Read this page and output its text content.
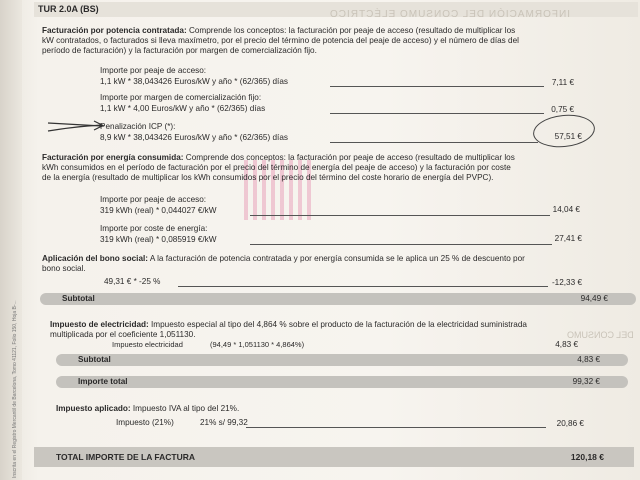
Inscrita en el Registro Mercantil de Barcelona, Tomo 41121, Folio 150, Hoja B-...
TUR 2.0A (BS)	INFORMACIÓN DEL CONSUMO ELÉCTRICO
DEL CONSUMO
Facturación por potencia contratada: Comprende los conceptos: la facturación por peaje de acceso (resultado de multiplicar los
kW contratados, o facturados si lleva maxímetro, por el precio del término de potencia del peaje de acceso) y el número de días del
período de facturación) y la facturación por margen de comercialización fijo.
Importe por peaje de acceso:
1,1 kW * 38,043426 Euros/kW y año * (62/365) días	7,11 €
Importe por margen de comercialización fijo:
1,1 kW * 4,00 Euros/kW y año * (62/365) días	0,75 €
Penalización ICP (*):
8,9 kW * 38,043426 Euros/kW y año * (62/365) días	57,51 €
Facturación por energía consumida: Comprende dos conceptos: la facturación por peaje de acceso (resultado de multiplicar los
kWh consumidos en el período de facturación por el precio del término de energía del peaje de acceso) y la facturación por coste
de la energía (resultado de multiplicar los kWh consumidos por el precio del término del coste horario de energía del PVPC).
Importe por peaje de acceso:
319 kWh (real) * 0,044027 €/kW	14,04 €
Importe por coste de energía:
319 kWh (real) * 0,085919 €/kW	27,41 €
Aplicación del bono social: A la facturación de potencia contratada y por energía consumida se le aplica un 25 % de descuento por
bono social.
49,31 € * -25 %	-12,33 €
Subtotal	94,49 €
Impuesto de electricidad: Impuesto especial al tipo del 4,864 % sobre el producto de la facturación de la electricidad suministrada
multiplicada por el coeficiente 1,051130.
Impuesto electricidad	(94,49 * 1,051130 * 4,864%)	4,83 €
Subtotal	4,83 €
Importe total	99,32 €
Impuesto aplicado: Impuesto IVA al tipo del 21%.
Impuesto (21%)	21% s/ 99,32	20,86 €
TOTAL IMPORTE DE LA FACTURA	120,18 €
